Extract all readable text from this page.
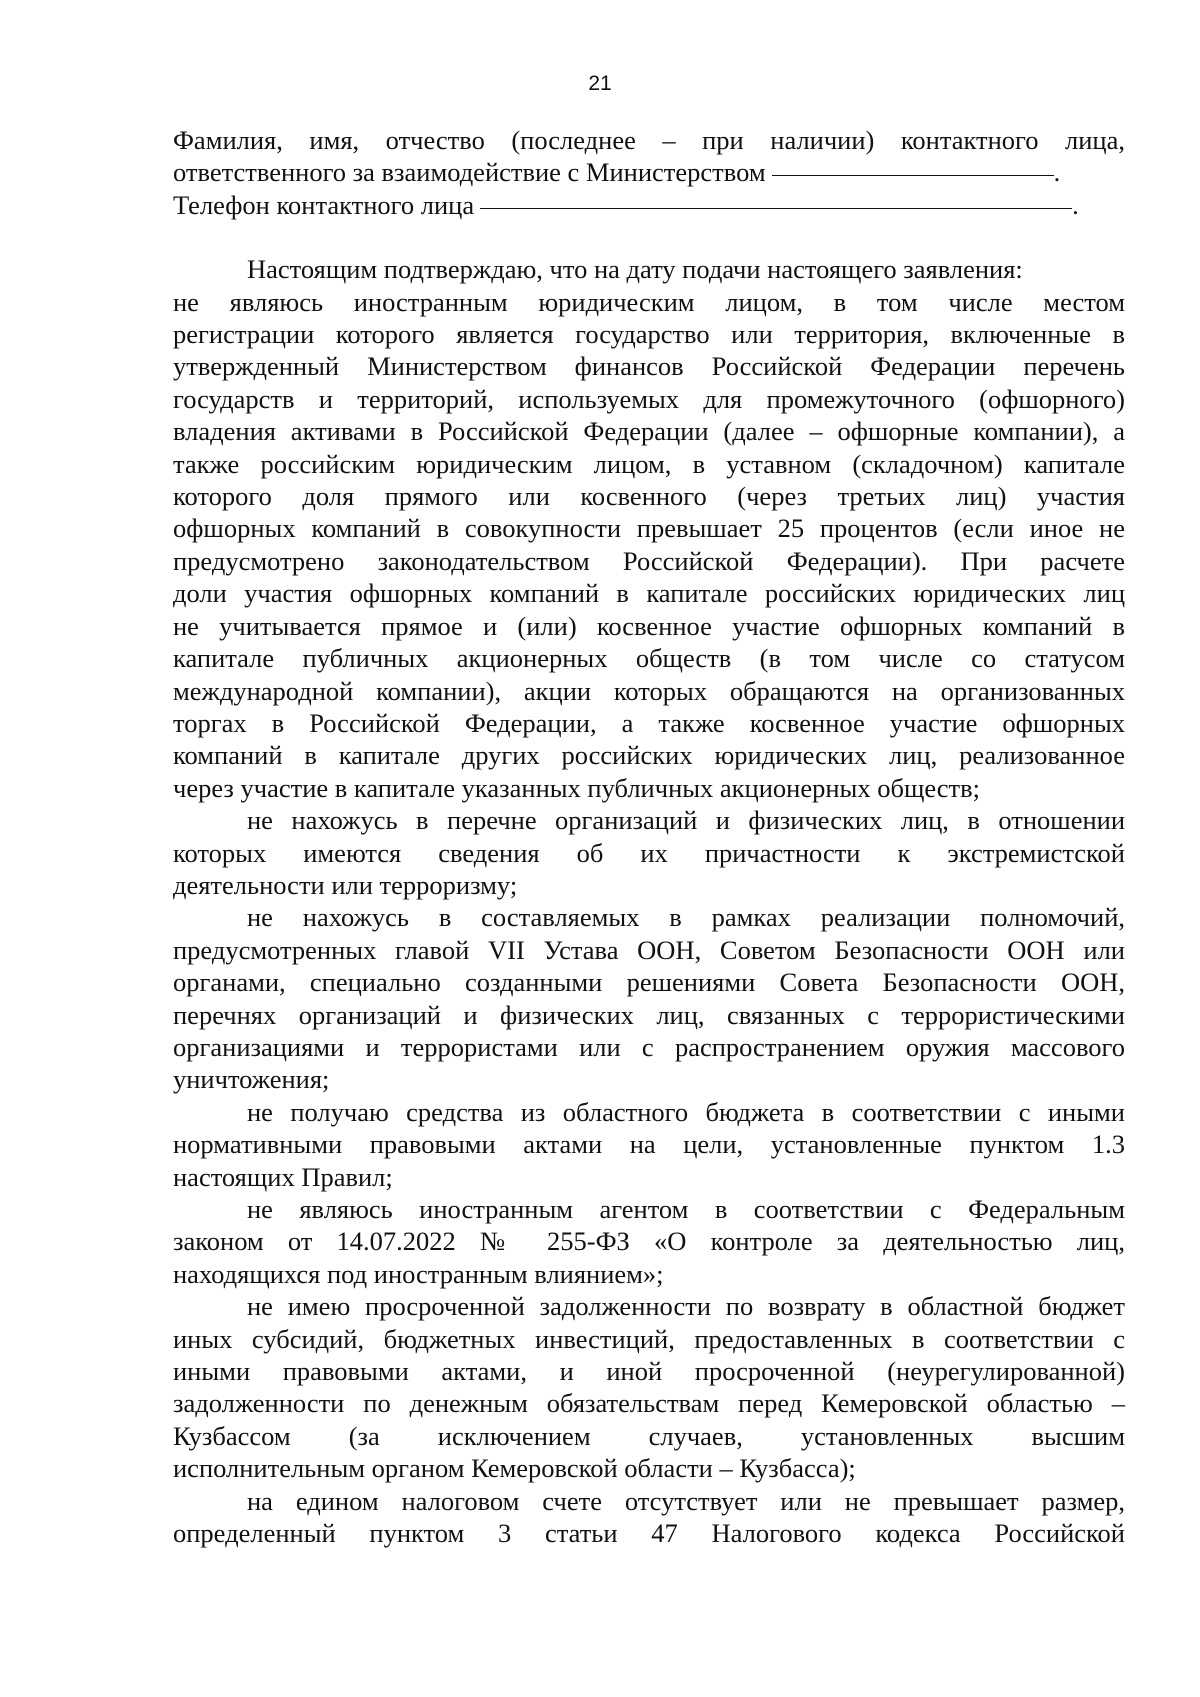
21
Фамилия, имя, отчество (последнее – при наличии) контактного лица,
ответственного за взаимодействие с Министерством	.
Телефон контактного лица	.
Настоящим подтверждаю, что на дату подачи настоящего заявления:
не являюсь иностранным юридическим лицом, в том числе местом
регистрации которого является государство или территория, включенные в
утвержденный Министерством финансов Российской Федерации перечень
государств и территорий, используемых для промежуточного (офшорного)
владения активами в Российской Федерации (далее – офшорные компании), а
также российским юридическим лицом, в уставном (складочном) капитале
которого доля прямого или косвенного (через третьих лиц) участия
офшорных компаний в совокупности превышает 25 процентов (если иное не
предусмотрено законодательством Российской Федерации). При расчете
доли участия офшорных компаний в капитале российских юридических лиц
не учитывается прямое и (или) косвенное участие офшорных компаний в
капитале публичных акционерных обществ (в том числе со статусом
международной компании), акции которых обращаются на организованных
торгах в Российской Федерации, а также косвенное участие офшорных
компаний в капитале других российских юридических лиц, реализованное
через участие в капитале указанных публичных акционерных обществ;
не нахожусь в перечне организаций и физических лиц, в отношении
которых имеются сведения об их причастности к экстремистской
деятельности или терроризму;
не нахожусь в составляемых в рамках реализации полномочий,
предусмотренных главой VII Устава ООН, Советом Безопасности ООН или
органами, специально созданными решениями Совета Безопасности ООН,
перечнях организаций и физических лиц, связанных с террористическими
организациями и террористами или с распространением оружия массового
уничтожения;
не получаю средства из областного бюджета в соответствии с иными
нормативными правовыми актами на цели, установленные пунктом 1.3
настоящих Правил;
не являюсь иностранным агентом в соответствии с Федеральным
законом от 14.07.2022 № 255-ФЗ «О контроле за деятельностью лиц,
находящихся под иностранным влиянием»;
не имею просроченной задолженности по возврату в областной бюджет
иных субсидий, бюджетных инвестиций, предоставленных в соответствии с
иными правовыми актами, и иной просроченной (неурегулированной)
задолженности по денежным обязательствам перед Кемеровской областью –
Кузбассом (за исключением случаев, установленных высшим
исполнительным органом Кемеровской области – Кузбасса);
на едином налоговом счете отсутствует или не превышает размер,
определенный пунктом 3 статьи 47 Налогового кодекса Российской
